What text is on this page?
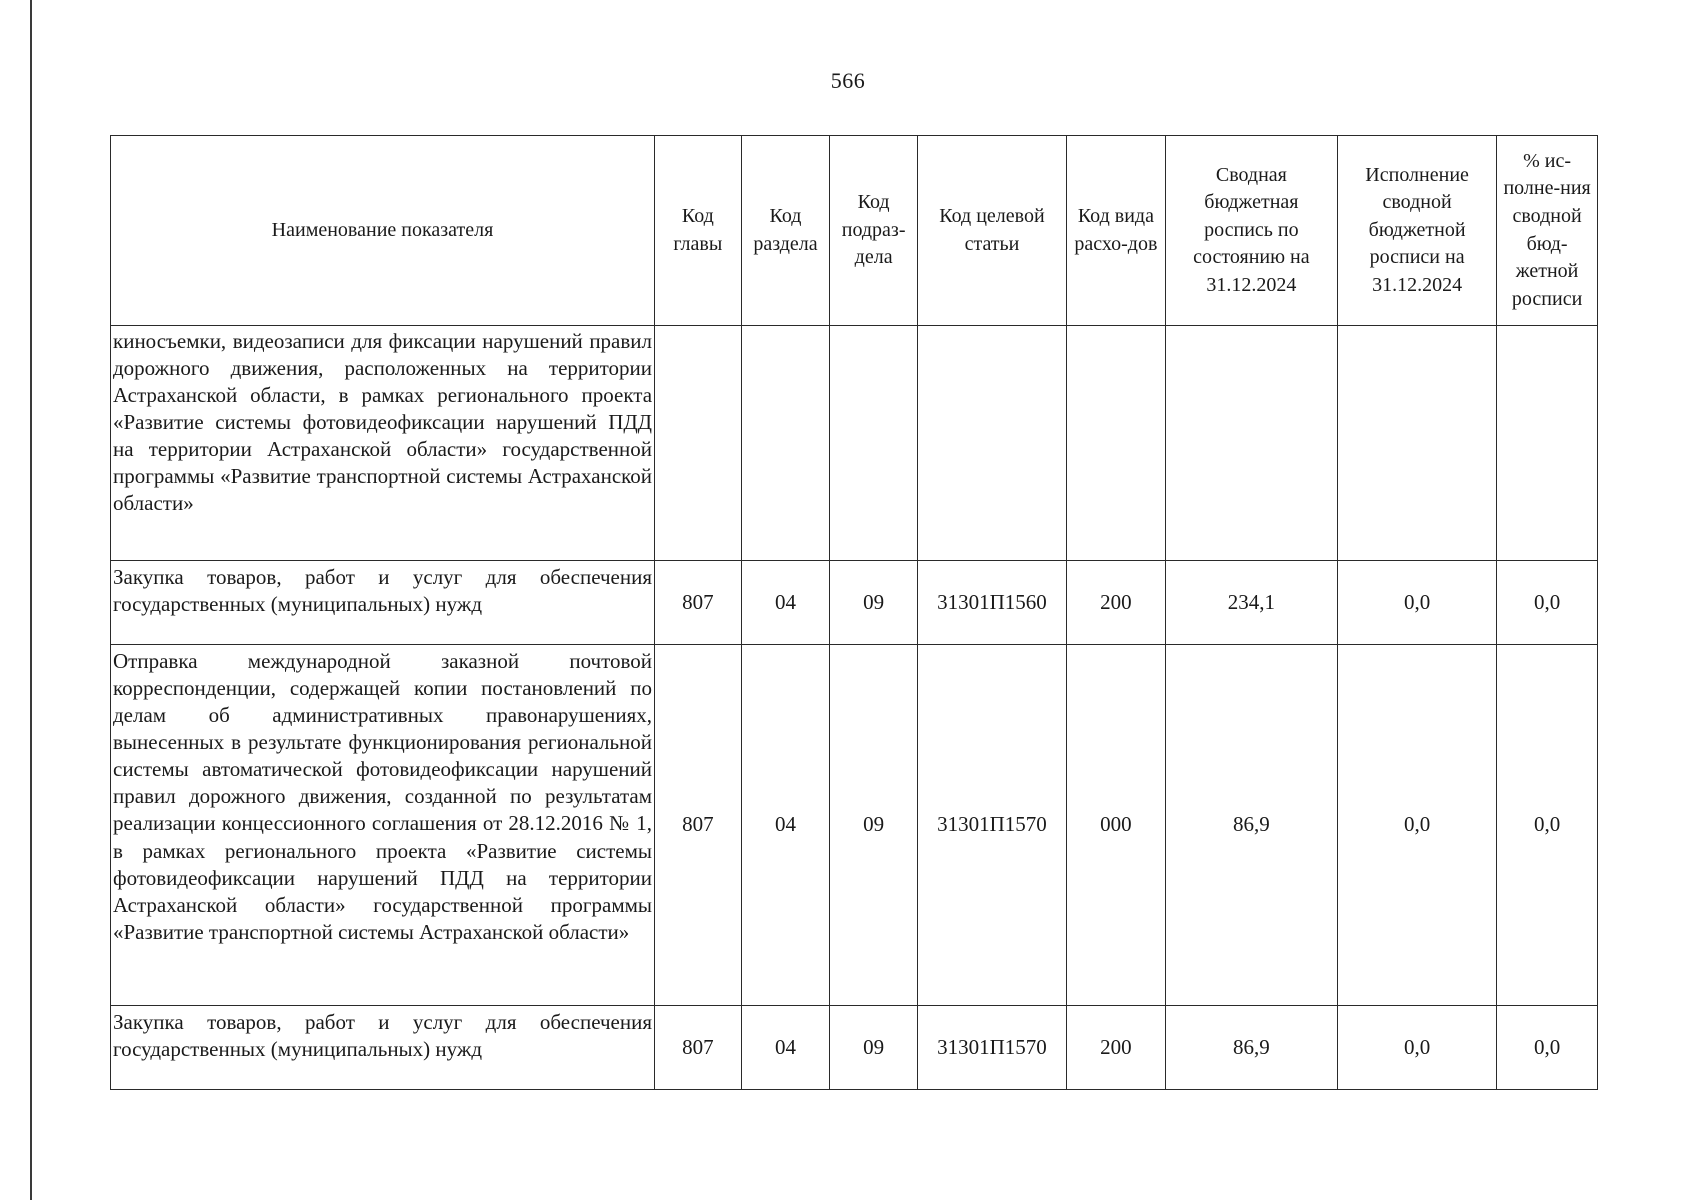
566
Наименование показателя	Код главы	Код раздела	Код подраз-дела	Код целевой статьи	Код вида расхо-дов	Сводная бюджетная роспись по состоянию на 31.12.2024	Исполнение сводной бюджетной росписи на 31.12.2024	% ис-полне-ния сводной бюд-жетной росписи
киносъемки, видеозаписи для фиксации нарушений правил дорожного движения, расположенных на территории Астраханской области, в рамках регионального проекта «Развитие системы фотовидеофиксации нарушений ПДД на территории Астраханской области» государственной программы «Развитие транспортной системы Астраханской области»								
Закупка товаров, работ и услуг для обеспечения государственных (муниципальных) нужд	807	04	09	31301П1560	200	234,1	0,0	0,0
Отправка международной заказной почтовой корреспонденции, содержащей копии постановлений по делам об административных правонарушениях, вынесенных в результате функционирования региональной системы автоматической фотовидеофиксации нарушений правил дорожного движения, созданной по результатам реализации концессионного соглашения от 28.12.2016 № 1, в рамках регионального проекта «Развитие системы фотовидеофиксации нарушений ПДД на территории Астраханской области» государственной программы «Развитие транспортной системы Астраханской области»	807	04	09	31301П1570	000	86,9	0,0	0,0
Закупка товаров, работ и услуг для обеспечения государственных (муниципальных) нужд	807	04	09	31301П1570	200	86,9	0,0	0,0
